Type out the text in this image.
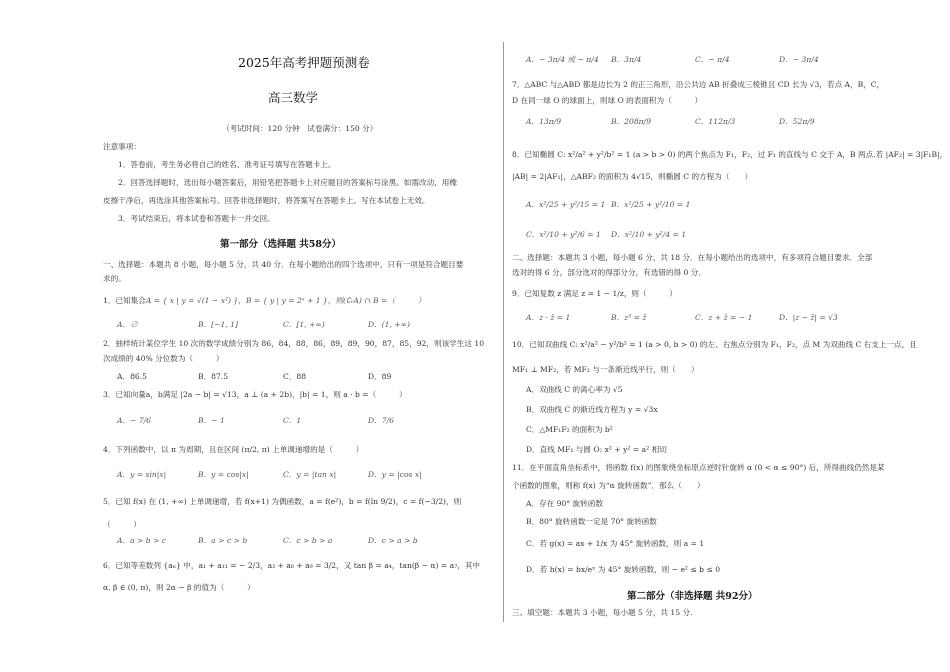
2025年高考押题预测卷
高三数学
（考试时间：120 分钟　试卷满分：150 分）
注意事项：
1．答卷前，考生务必将自己的姓名、准考证号填写在答题卡上。
2．回答选择题时，选出每小题答案后，用铅笔把答题卡上对应题目的答案标号涂黑。如需改动，用橡
皮擦干净后，再选涂其他答案标号。回答非选择题时，将答案写在答题卡上。写在本试卷上无效。
3．考试结束后，将本试卷和答题卡一并交回。
第一部分（选择题 共58分）
一、选择题：本题共 8 小题，每小题 5 分，共 40 分．在每小题给出的四个选项中，只有一项是符合题目要
求的。
1．已知集合A = { x | y = √(1 − x²) }，B = { y | y = 2ˣ + 1 }，则(∁ᵣA) ∩ B =（　　　）
A．∅	B．[−1, 1]	C．[1, +∞)	D．(1, +∞)
2．抽样统计某位学生 10 次的数学成绩分别为 86，84，88，86，89，89，90，87，85，92，则该学生这 10
次成绩的 40% 分位数为（　　　）
A．86.5	B．87.5	C．88	D．89
3．已知向量a，b满足 |2a − b| = √13，a ⊥ (a + 2b)，|b| = 1，则 a · b =（　　　）
A．− 7/6	B．− 1	C．1	D．7/6
4．下列函数中，以 π 为周期，且在区间 (π/2, π) 上单调递增的是（　　　）
A．y = sin|x|	B．y = cos|x|	C．y = |tan x|	D．y = |cos x|
5．已知 f(x) 在 (1, +∞) 上单调递增，若 f(x+1) 为偶函数，a = f(e²)，b = f(ln 9/2)，c = f(−3/2)，则
（　　　）
A．a > b > c	B．a > c > b	C．c > b > a	D．c > a > b
6．已知等差数列 {aₙ} 中，a₁ + a₁₁ = − 2/3，a₃ + a₆ + a₉ = 3/2，又 tan β = a₄，tan(β − α) = a₇，其中
α, β ∈ (0, π)，则 2α − β 的值为（　　　）
A．− 3π/4 或 − π/4 B．3π/4	C．− π/4	D．− 3π/4
7．△ABC 与△ABD 都是边长为 2 的正三角形，沿公共边 AB 折叠成三棱锥且 CD 长为 √3，若点 A，B，C，
D 在同一球 O 的球面上，则球 O 的表面积为（　　　）
A．13π/9	B．208π/9	C．112π/3	D．52π/9
8．已知椭圆 C: x²/a² + y²/b² = 1 (a > b > 0) 的两个焦点为 F₁，F₂，过 F₁ 的直线与 C 交于 A，B 两点.若 |AF₂| = 3|F₁B|，
|AB| = 2|AF₁|，△ABF₂ 的面积为 4√15，则椭圆 C 的方程为（　　）
A．x²/25 + y²/15 = 1 B．x²/25 + y²/10 = 1
C．x²/10 + y²/6 = 1 D．x²/10 + y²/4 = 1
二、选择题：本题共 3 小题，每小题 6 分，共 18 分．在每小题给出的选项中，有多项符合题目要求．全部
选对的得 6 分，部分选对的得部分分，有选错的得 0 分．
9．已知复数 z 满足 z = 1 − 1/z，则（　　　）
A．z · z̄ = 1	B．z³ = z̄	C．z + z̄ = − 1	D．|z − z̄| = √3
10．已知双曲线 C: x²/a² − y²/b² = 1 (a > 0, b > 0) 的左、右焦点分别为 F₁，F₂，点 M 为双曲线 C 右支上一点，且
MF₁ ⊥ MF₂，若 MF₂ 与一条渐近线平行，则（　　）
A．双曲线 C 的离心率为 √5
B．双曲线 C 的渐近线方程为 y = √3x
C．△MF₁F₂ 的面积为 b²
D．直线 MF₁ 与圆 O: x² + y² = a² 相切
11．在平面直角坐标系中，将函数 f(x) 的图象绕坐标原点逆时针旋转 α (0 < α ≤ 90°) 后，所得曲线仍然是某
个函数的图象，则称 f(x) 为“α 旋转函数”．那么（　　）
A．存在 90° 旋转函数
B．80° 旋转函数一定是 70° 旋转函数
C．若 g(x) = ax + 1/x 为 45° 旋转函数，则 a = 1
D．若 h(x) = bx/eˣ 为 45° 旋转函数，则 − e² ≤ b ≤ 0
第二部分（非选择题 共92分）
三、填空题：本题共 3 小题，每小题 5 分，共 15 分.
